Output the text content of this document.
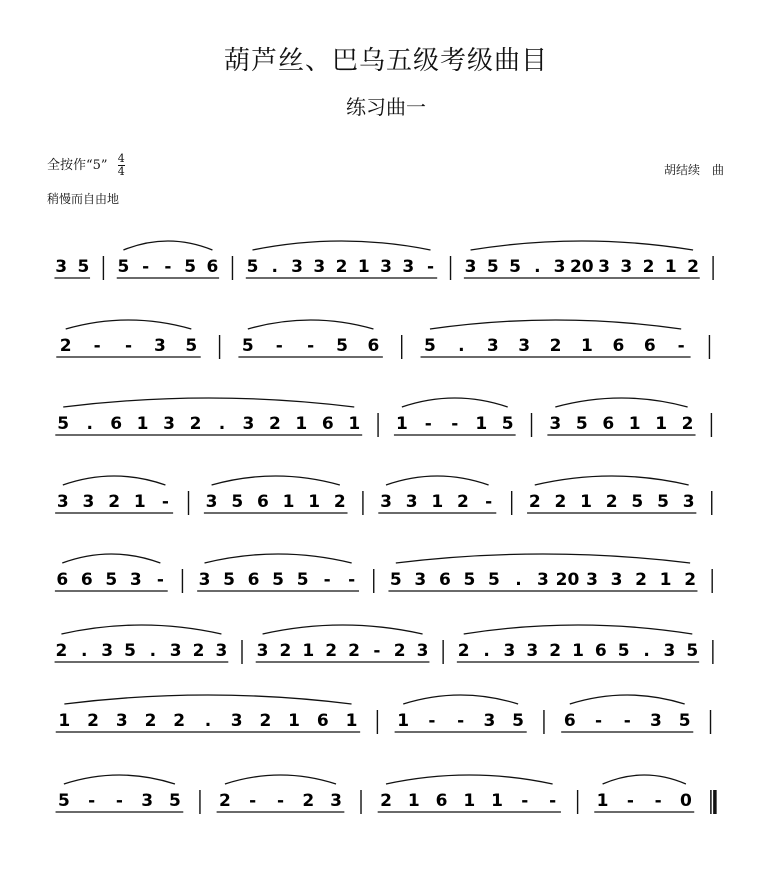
葫芦丝、巴乌五级考级曲目
练习曲一
全按作“5” $\frac{4}{4}$
稍慢而自由地
胡结续　曲
3 5 5 - - 5 6 5 . 3 3 2 1 3 3 - 3 5 5 . 3 20 3 3 2 1 2
2 - - 3 5	5 - - 5 6	5 . 3 3 2 1 6 6 -
5 . 6 1 3 2 . 3 2 1 6 1 1 - - 1 5 3 5 6 1 1 2
3 3 2 1 - 3 5 6 1 1 2 3 3 1 2 - 2 2 1 2 5 5 3
6 6 5 3 - 3 5 6 5 5 - - 5 3 6 5 5 . 3 20 3 3 2 1 2
2 . 3 5 . 3 2 3 3 2 1 2 2 - 2 3 2 . 3 3 2 1 6 5 . 3 5
1 2 3 2 2 . 3 2 1 6 1 1 - - 3 5 6 - - 3 5
5 - - 3 5 2 - - 2 3 2 1 6 1 1 - - 1 - - 0
